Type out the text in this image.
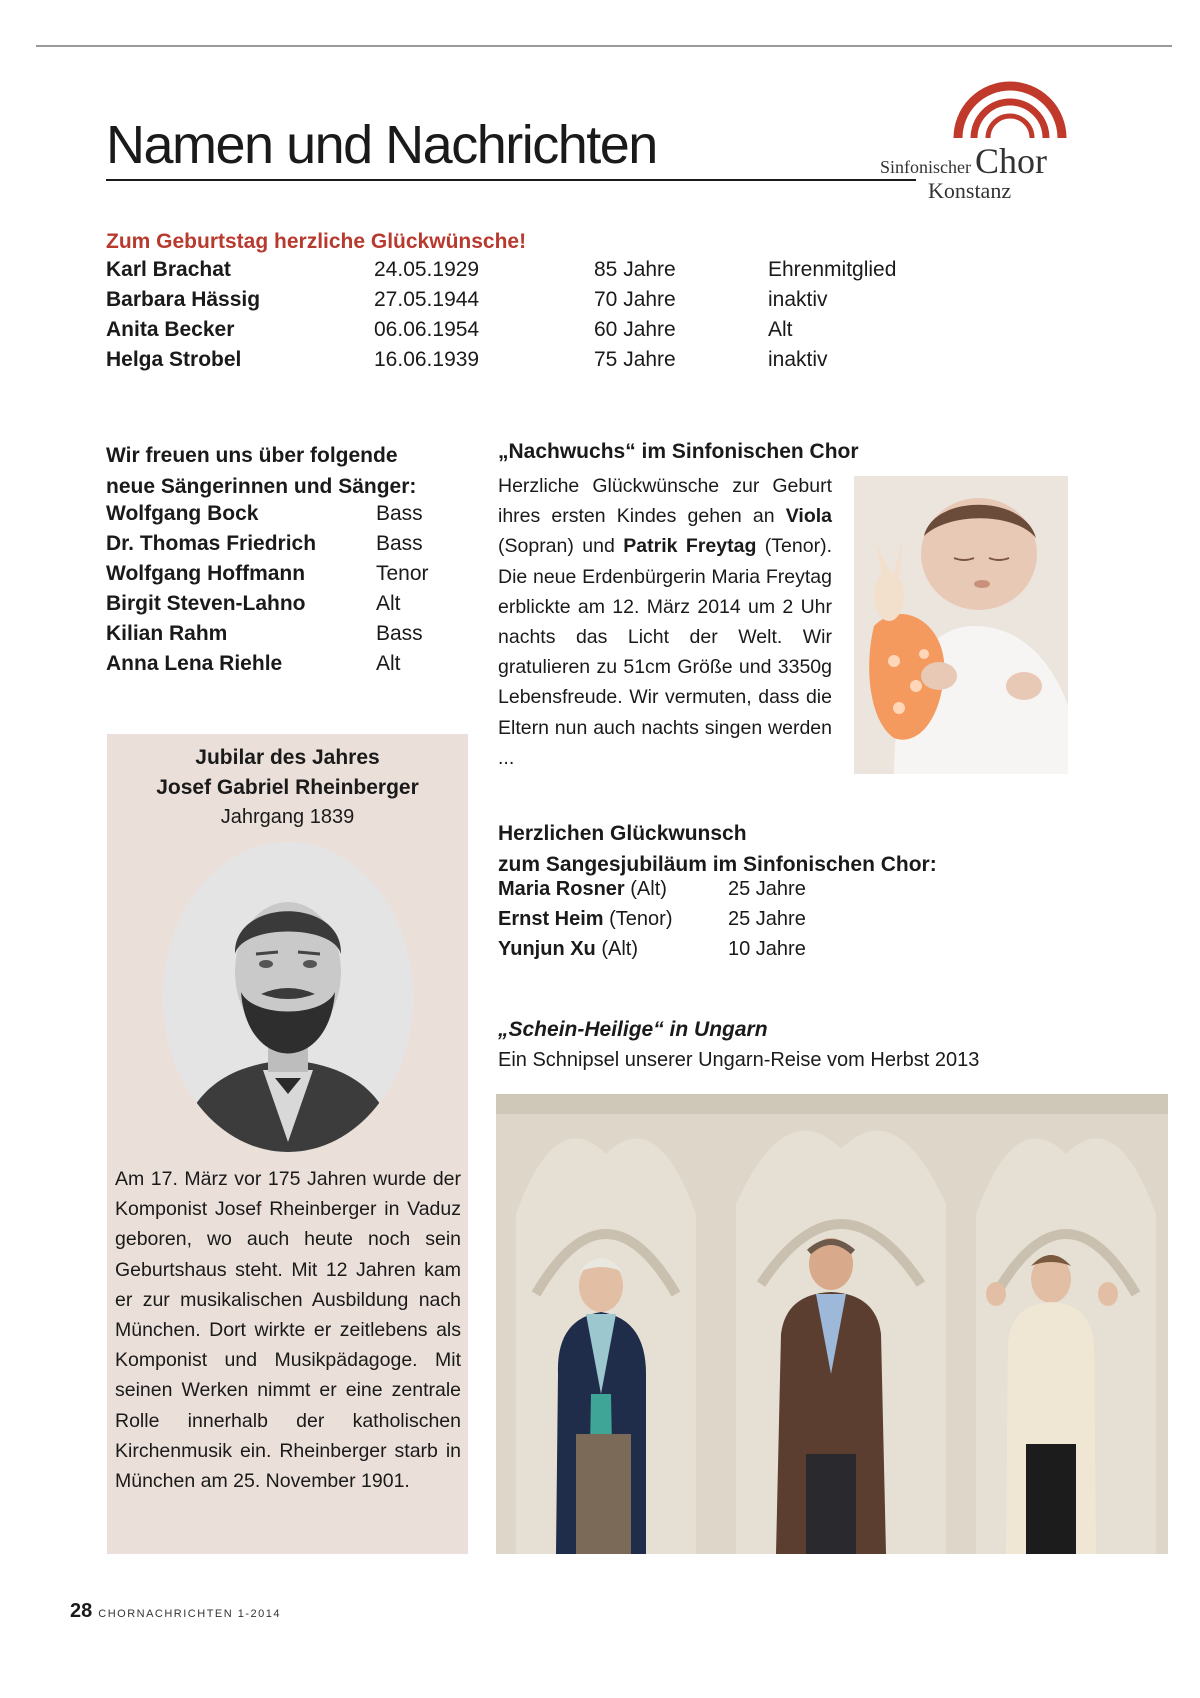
Namen und Nachrichten	Sinfonischer Chor
Konstanz
Zum Geburtstag herzliche Glückwünsche!
Karl Brachat	24.05.1929	85 Jahre	Ehrenmitglied
Barbara Hässig	27.05.1944	70 Jahre	inaktiv
Anita Becker	06.06.1954	60 Jahre	Alt
Helga Strobel	16.06.1939	75 Jahre	inaktiv
Wir freuen uns über folgende
neue Sängerinnen und Sänger:
Wolfgang Bock	Bass
Dr. Thomas Friedrich	Bass
Wolfgang Hoffmann	Tenor
Birgit Steven-Lahno	Alt
Kilian Rahm	Bass
Anna Lena Riehle	Alt
Jubilar des Jahres
Josef Gabriel Rheinberger
Jahrgang 1839
Am 17. März vor 175 Jahren wurde der Komponist Josef Rheinberger in Vaduz geboren, wo auch heute noch sein Geburtshaus steht. Mit 12 Jahren kam er zur musikalischen Ausbildung nach München. Dort wirkte er zeitlebens als Komponist und Musikpädagoge. Mit seinen Werken nimmt er eine zentrale Rolle innerhalb der katholischen Kirchenmusik ein. Rheinberger starb in München am 25. November 1901.
„Nachwuchs“ im Sinfonischen Chor
Herzliche Glückwünsche zur Geburt ihres ersten Kindes gehen an Viola (Sopran) und Patrik Freytag (Tenor). Die neue Erdenbürgerin Maria Freytag erblickte am 12. März 2014 um 2 Uhr nachts das Licht der Welt. Wir gratulieren zu 51cm Größe und 3350g Lebensfreude. Wir vermuten, dass die Eltern nun auch nachts singen werden ...
Herzlichen Glückwunsch
zum Sangesjubiläum im Sinfonischen Chor:
Maria Rosner (Alt)	25 Jahre
Ernst Heim (Tenor)	25 Jahre
Yunjun Xu (Alt)	10 Jahre
„Schein-Heilige“ in Ungarn
Ein Schnipsel unserer Ungarn-Reise vom Herbst 2013
28 CHORNACHRICHTEN 1-2014
